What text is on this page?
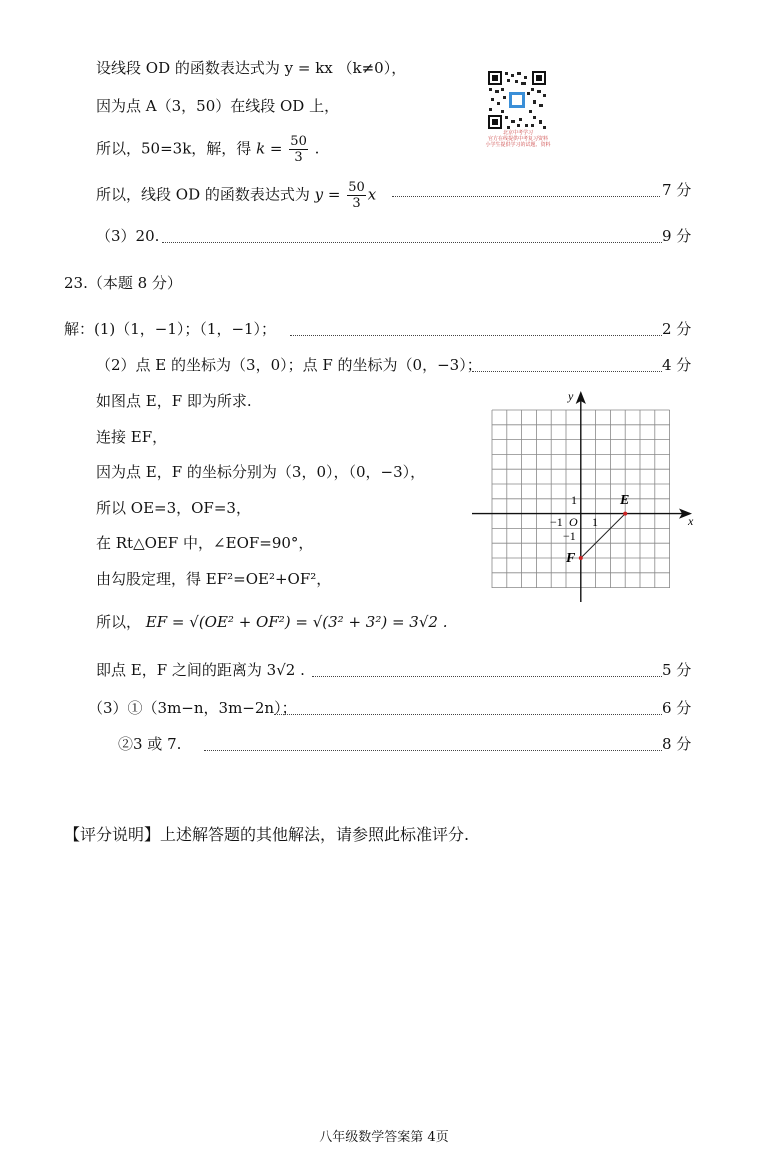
设线段 OD 的函数表达式为 y = kx （k≠0），
因为点 A（3，50）在线段 OD 上，
所以，50=3k，解，得 $k = \frac{50}{3}$ .
所以，线段 OD 的函数表达式为 $y = \frac{50}{3}$ x	7 分
（3）20.	9 分
北京中考学习
官方在线提供中考复习资料
小学生提供学习的试题、资料
23.（本题 8 分）
解：(1)（1，−1）；（1，−1）；	2 分
（2）点 E 的坐标为（3，0）；点 F 的坐标为（0，−3）；	4 分
如图点 E，F 即为所求.
连接 EF，
因为点 E，F 的坐标分别为（3，0），（0，−3），
所以 OE=3，OF=3，
在 Rt△OEF 中，∠EOF=90°，
由勾股定理，得 EF²=OE²+OF²，
所以， EF = √(OE² + OF²) = √(3² + 3²) = 3√2 .
即点 E，F 之间的距离为 3√2 .	5 分
（3）①（3m−n，3m−2n）；	6 分
②3 或 7.	8 分
y
x
O
1
−1 1
−1
E
F
【评分说明】上述解答题的其他解法，请参照此标准评分.
八年级数学答案第 4页
